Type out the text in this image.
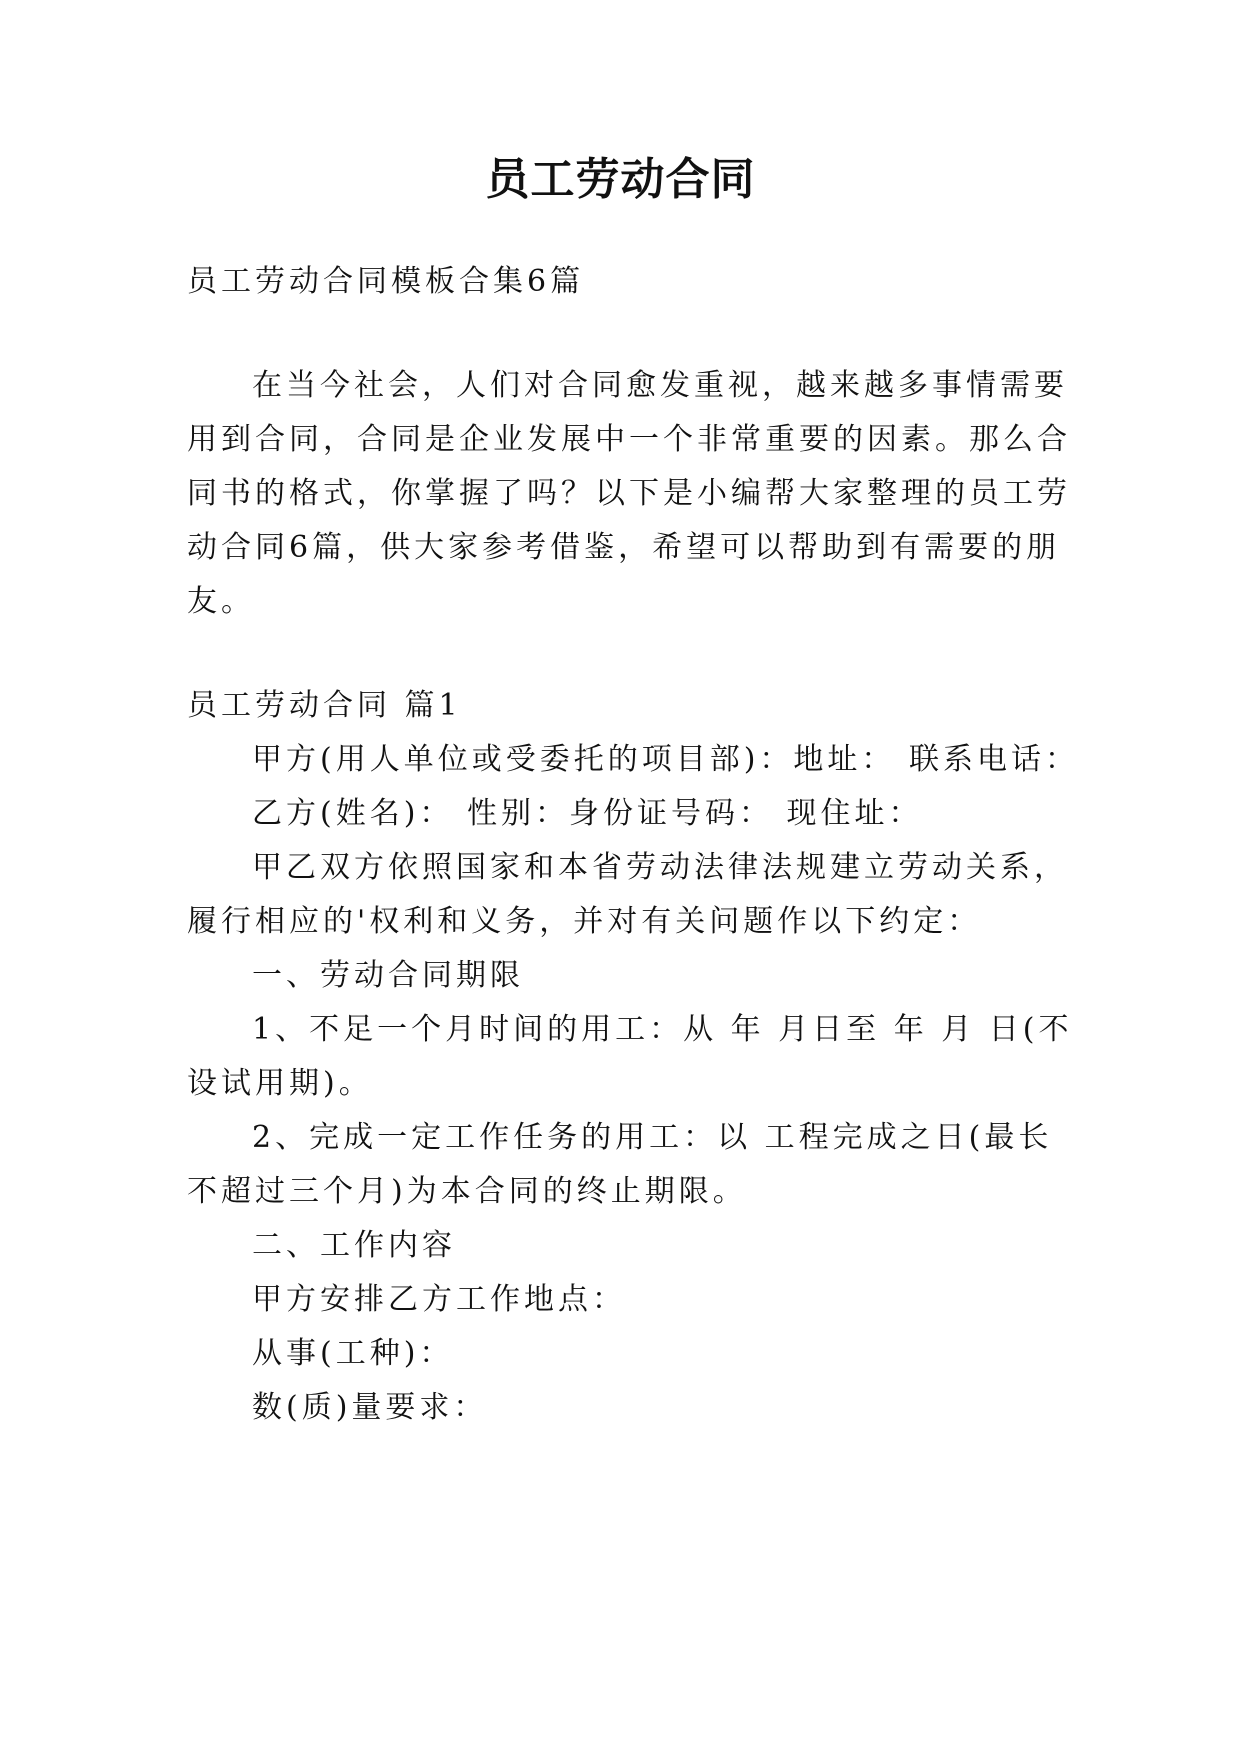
员工劳动合同
员工劳动合同模板合集6篇
在当今社会，人们对合同愈发重视，越来越多事情需要
用到合同，合同是企业发展中一个非常重要的因素。那么合
同书的格式，你掌握了吗？以下是小编帮大家整理的员工劳
动合同6篇，供大家参考借鉴，希望可以帮助到有需要的朋
友。
员工劳动合同 篇1
甲方(用人单位或受委托的项目部)：地址： 联系电话：
乙方(姓名)： 性别：身份证号码： 现住址：
甲乙双方依照国家和本省劳动法律法规建立劳动关系，
履行相应的'权利和义务，并对有关问题作以下约定：
一、劳动合同期限
1、不足一个月时间的用工：从 年 月日至 年 月 日(不
设试用期)。
2、完成一定工作任务的用工：以 工程完成之日(最长
不超过三个月)为本合同的终止期限。
二、工作内容
甲方安排乙方工作地点：
从事(工种)：
数(质)量要求：
